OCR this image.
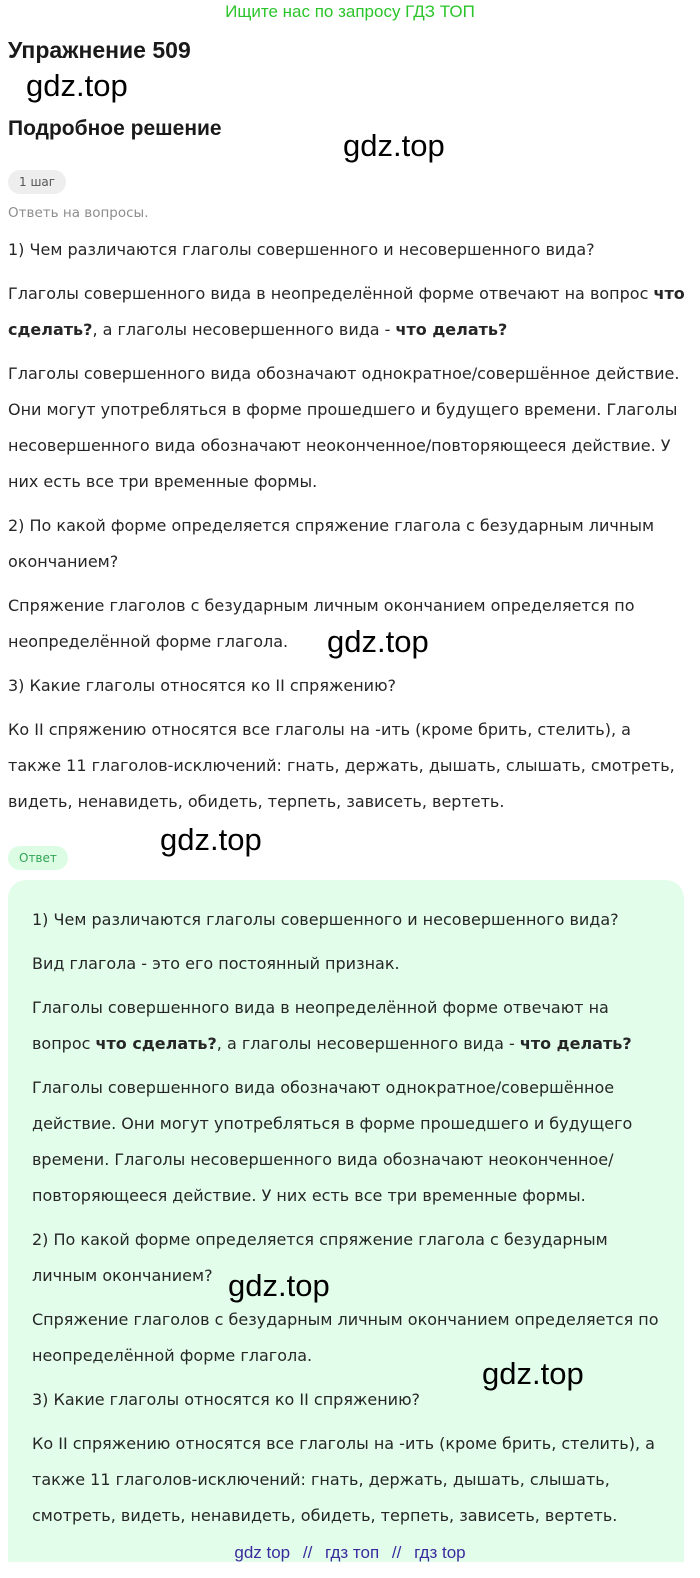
Ищите нас по запросу ГДЗ ТОП
Упражнение 509
gdz.top
Подробное решение	gdz.top
1 шаг
Ответь на вопросы.

1) Чем различаются глаголы совершенного и несовершенного вида?

Глаголы совершенного вида в неопределённой форме отвечают на вопрос что сделать?, а глаголы несовершенного вида - что делать?

Глаголы совершенного вида обозначают однократное/совершённое действие. Они могут употребляться в форме прошедшего и будущего времени. Глаголы несовершенного вида обозначают неоконченное/повторяющееся действие. У них есть все три временные формы.

2) По какой форме определяется спряжение глагола с безударным личным окончанием?

Спряжение глаголов с безударным личным окончанием определяется по неопределённой форме глагола.

3) Какие глаголы относятся ко II спряжению?

Ко II спряжению относятся все глаголы на -ить (кроме брить, стелить), а также 11 глаголов-исключений: гнать, держать, дышать, слышать, смотреть, видеть, ненавидеть, обидеть, терпеть, зависеть, вертеть.

gdz.top
Ответ
gdz.top

1) Чем различаются глаголы совершенного и несовершенного вида?

Вид глагола - это его постоянный признак.

Глаголы совершенного вида в неопределённой форме отвечают на вопрос что сделать?, а глаголы несовершенного вида - что делать?

Глаголы совершенного вида обозначают однократное/совершённое действие. Они могут употребляться в форме прошедшего и будущего времени. Глаголы несовершенного вида обозначают неоконченное/повторяющееся действие. У них есть все три временные формы.

2) По какой форме определяется спряжение глагола с безударным личным окончанием?

Спряжение глаголов с безударным личным окончанием определяется по неопределённой форме глагола.

3) Какие глаголы относятся ко II спряжению?

Ко II спряжению относятся все глаголы на -ить (кроме брить, стелить), а также 11 глаголов-исключений: гнать, держать, дышать, слышать, смотреть, видеть, ненавидеть, обидеть, терпеть, зависеть, вертеть.

gdz.top
gdz.top
gdz top // гдз топ // гдз top
